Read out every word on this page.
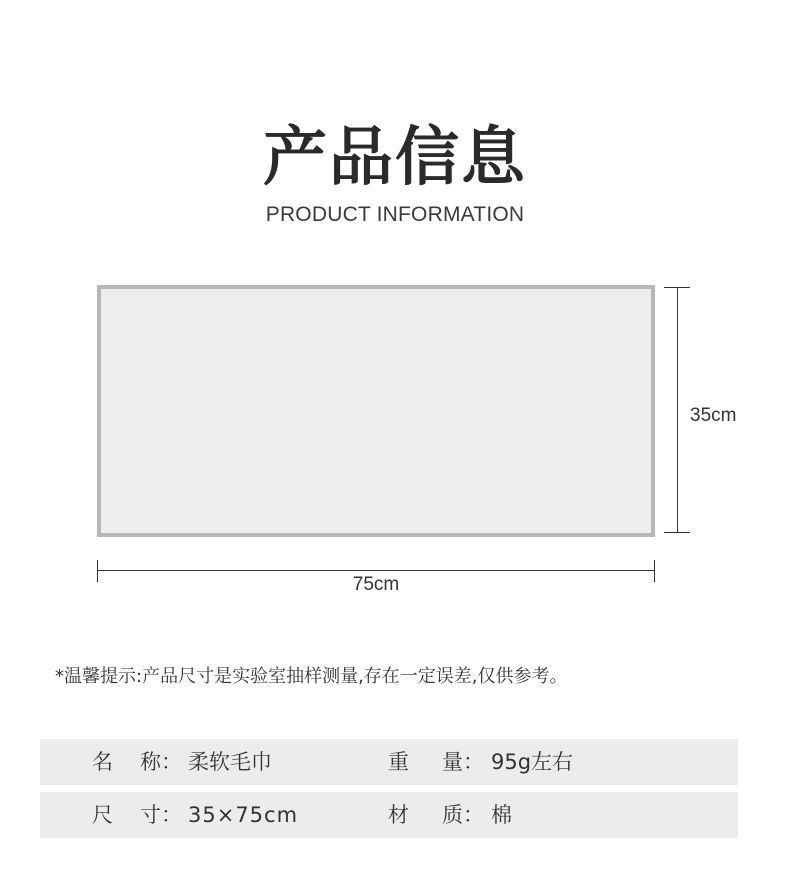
产品信息
PRODUCT INFORMATION
35cm
75cm
*温馨提示:产品尺寸是实验室抽样测量,存在一定误差,仅供参考。
名 称： 柔软毛巾	重 量： 95g左右
尺 寸： 35×75cm	材 质： 棉
